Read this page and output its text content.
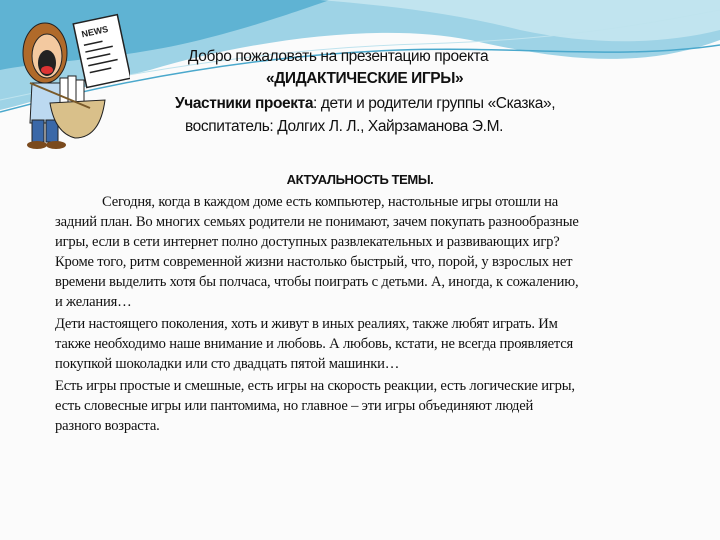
NEWS
Добро пожаловать на презентацию проекта
«ДИДАКТИЧЕСКИЕ ИГРЫ»
Участники проекта: дети и родители группы «Сказка»,
воспитатель: Долгих Л. Л., Хайрзаманова Э.М.
АКТУАЛЬНОСТЬ ТЕМЫ.
Сегодня, когда в каждом доме есть компьютер, настольные игры отошли на
задний план. Во многих семьях родители не понимают, зачем покупать разнообразные
игры, если в сети интернет полно доступных развлекательных и развивающих игр?
Кроме того, ритм современной жизни настолько быстрый, что, порой, у взрослых нет
времени выделить хотя бы полчаса, чтобы поиграть с детьми. А, иногда, к сожалению,
и желания…
Дети настоящего поколения, хоть и живут в иных реалиях, также любят играть. Им
также необходимо наше внимание и любовь. А любовь, кстати, не всегда проявляется
покупкой шоколадки или сто двадцать пятой машинки…
Есть игры простые и смешные, есть игры на скорость реакции, есть логические игры,
есть словесные игры или пантомима, но главное – эти игры объединяют людей
разного возраста.
